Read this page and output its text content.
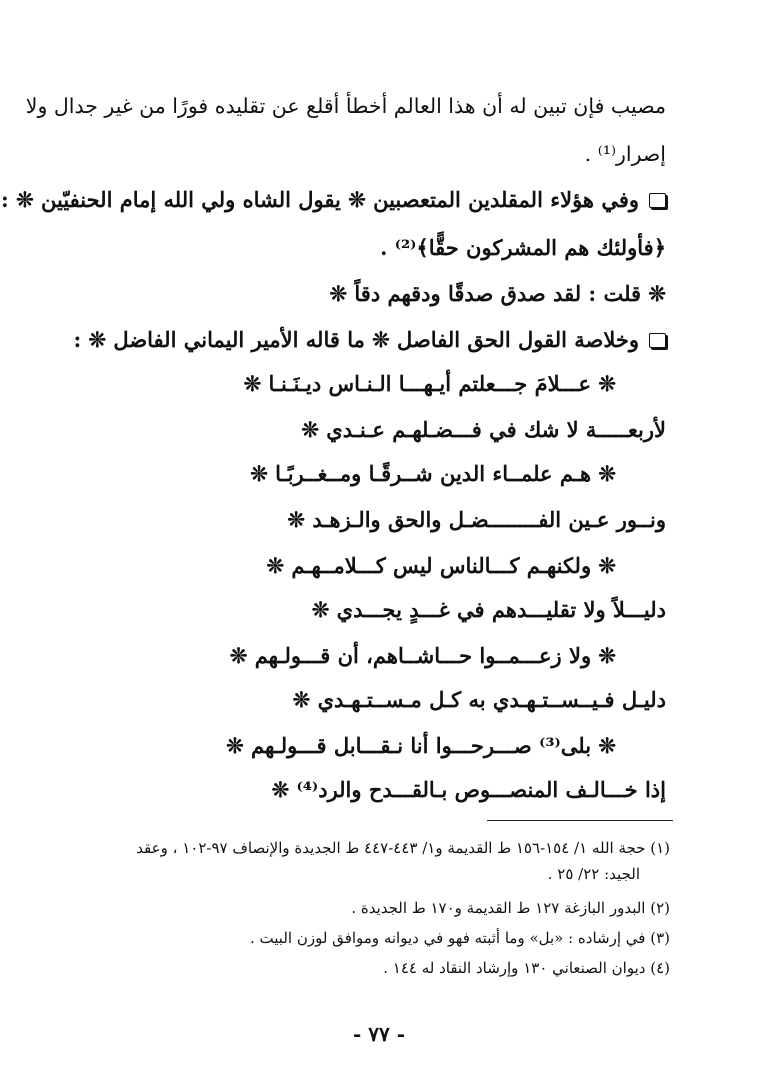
مصيب فإن تبين له أن هذا العالم أخطأ أقلع عن تقليده فورًا من غير جدال ولا
إصرار⁽¹⁾ .
وفي هؤلاء المقلدين المتعصبين ❊ يقول الشاه ولي الله إمام الحنفيّين ❊ :
﴿فأولئك هم المشركون حقًّا﴾⁽²⁾ .
❊ قلت : لقد صدق صدقًا ودقهم دقاً ❊
وخلاصة القول الحق الفاصل ❊ ما قاله الأمير اليماني الفاضل ❊ :
❊ عـــلامَ جـــعلتم أيـهـــا الـنـاس ديـنَـنـا ❊
لأربعـــــة لا شك في فـــضـلهـم عـنـدي ❊
❊ هـم علمــاء الدين شــرقًـا ومــغــربًـا ❊
ونــور عـين الفــــــــضـل والحق والـزهـد ❊
❊ ولكنهـم كـــالناس ليس كـــلامــهـم ❊
دليـــلاً ولا تقليـــدهم في غـــدٍ يجـــدي ❊
❊ ولا زعـــمــوا حـــاشــاهم، أن قـــولـهم ❊
دليـل فـيــســتـهـدي به كـل مـســتـهـدي ❊
❊ بلى⁽³⁾ صـــرحـــوا أنا نـقـــابل قـــولـهم ❊
إذا خـــالـف المنصـــوص بـالقـــدح والرد⁽⁴⁾ ❊
(١) حجة الله ١/ ١٥٤-١٥٦ ط القديمة و١/ ٤٤٣-٤٤٧ ط الجديدة والإنصاف ٩٧-١٠٢ ، وعقد
الجيد: ٢٢/ ٢٥ .
(٢) البدور البازغة ١٢٧ ط القديمة و١٧٠ ط الجديدة .
(٣) في إرشاده : «بل» وما أثبته فهو في ديوانه وموافق لوزن البيت .
(٤) ديوان الصنعاني ١٣٠ وإرشاد النقاد له ١٤٤ .
- ٧٧ -
